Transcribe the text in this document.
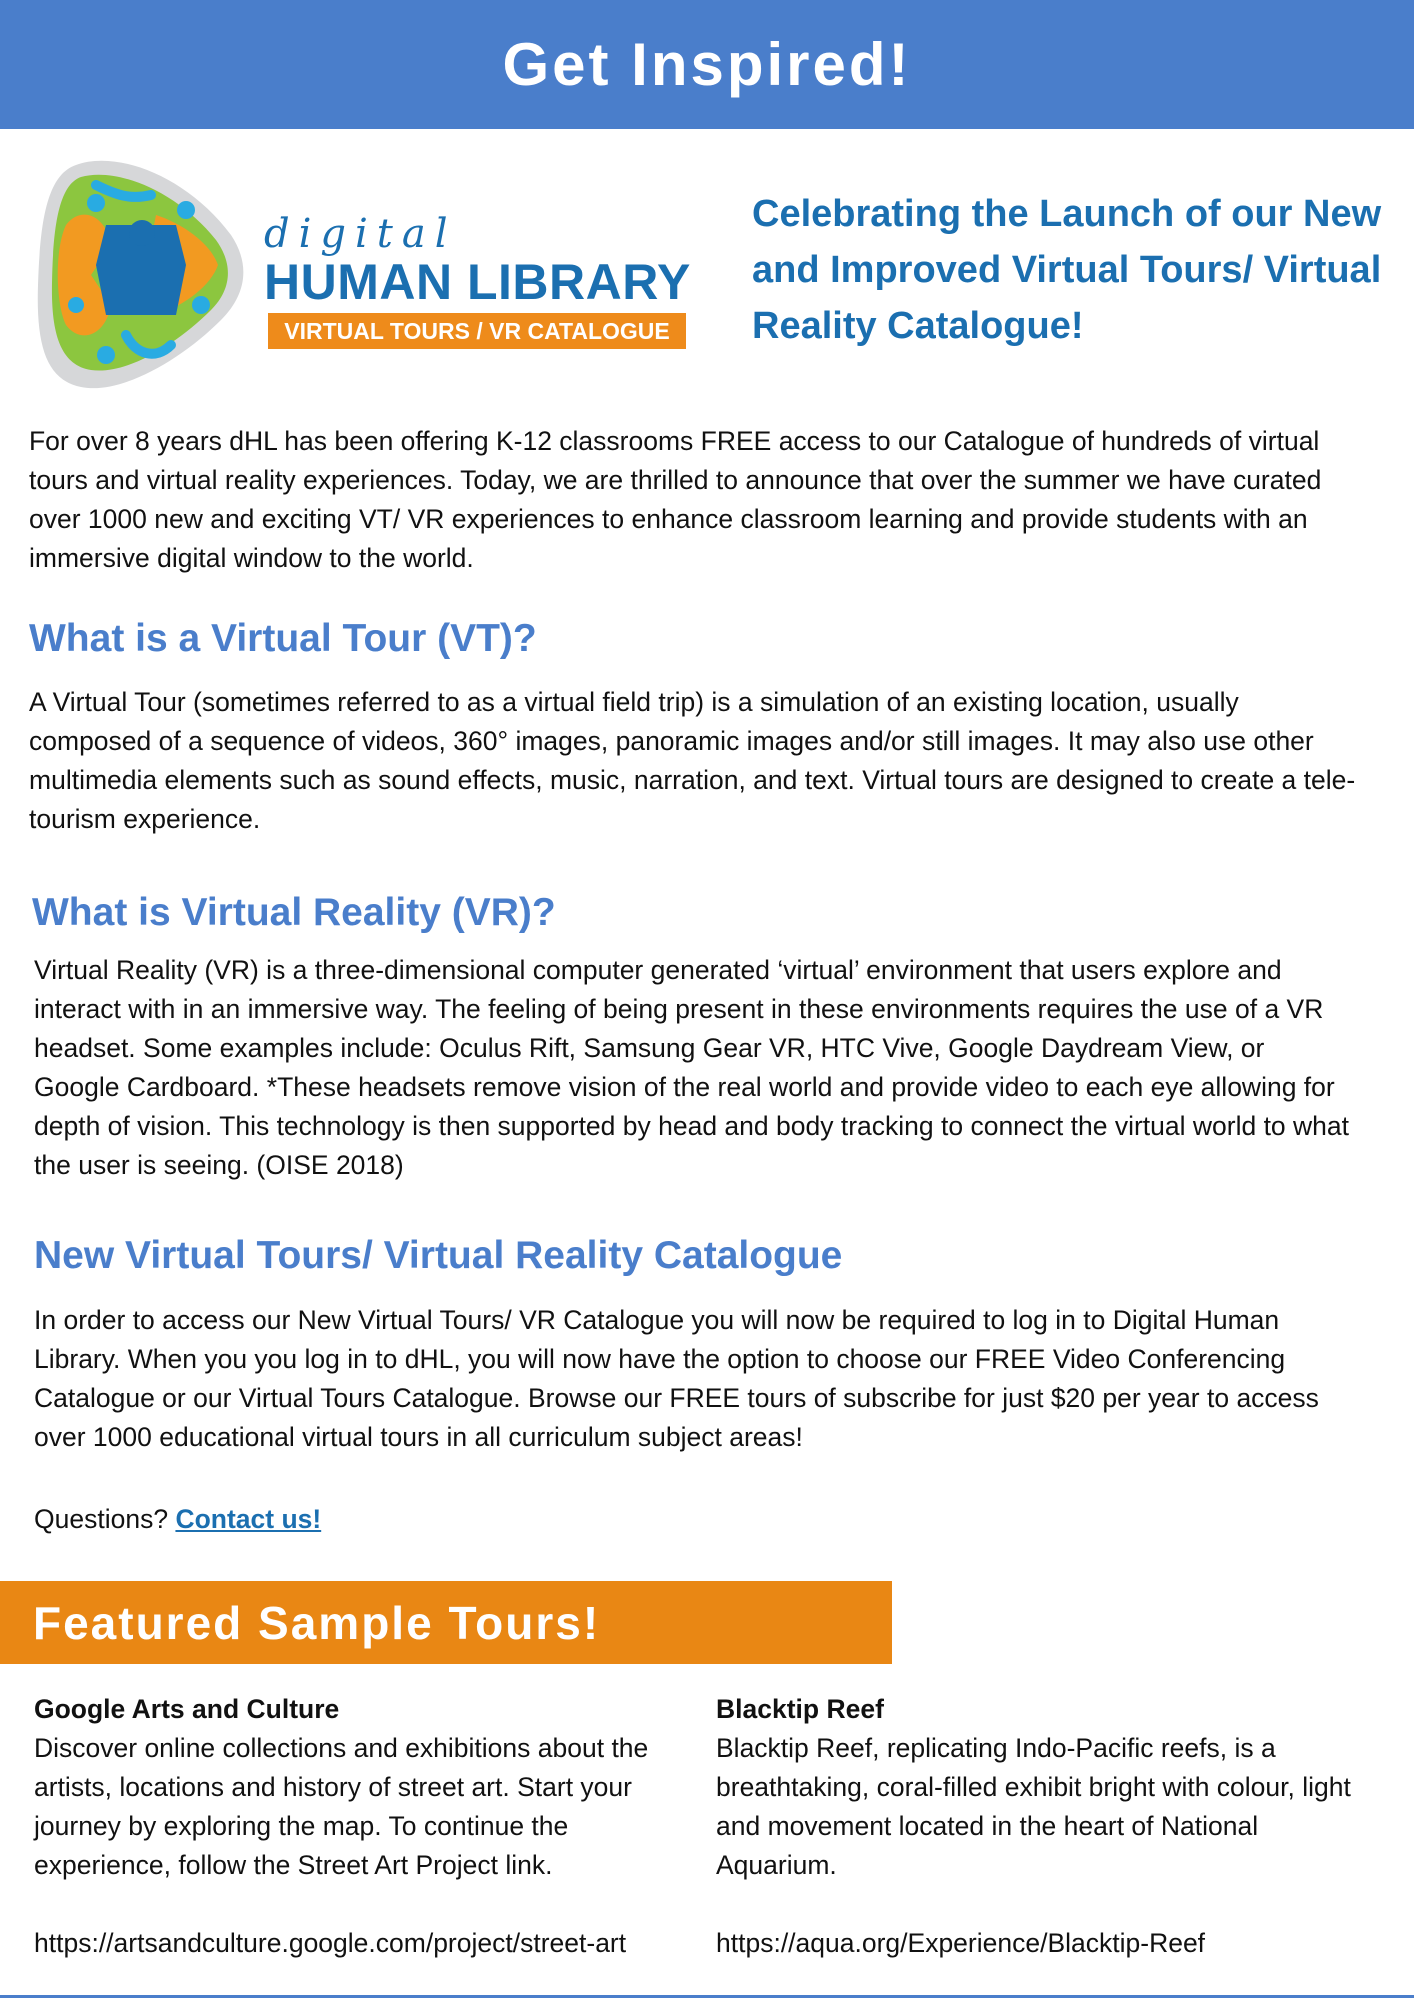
Get Inspired!
digital
HUMAN LIBRARY
VIRTUAL TOURS / VR CATALOGUE
Celebrating the Launch of our New and Improved Virtual Tours/ Virtual Reality Catalogue!

For over 8 years dHL has been offering K-12 classrooms FREE access to our Catalogue of hundreds of virtual tours and virtual reality experiences. Today, we are thrilled to announce that over the summer we have curated over 1000 new and exciting VT/ VR experiences to enhance classroom learning and provide students with an immersive digital window to the world.

What is a Virtual Tour (VT)?

A Virtual Tour (sometimes referred to as a virtual field trip) is a simulation of an existing location, usually composed of a sequence of videos, 360° images, panoramic images and/or still images. It may also use other multimedia elements such as sound effects, music, narration, and text. Virtual tours are designed to create a tele-tourism experience.

What is Virtual Reality (VR)?

Virtual Reality (VR) is a three-dimensional computer generated ‘virtual’ environment that users explore and interact with in an immersive way. The feeling of being present in these environments requires the use of a VR headset. Some examples include: Oculus Rift, Samsung Gear VR, HTC Vive, Google Daydream View, or Google Cardboard. *These headsets remove vision of the real world and provide video to each eye allowing for depth of vision. This technology is then supported by head and body tracking to connect the virtual world to what the user is seeing. (OISE 2018)

New Virtual Tours/ Virtual Reality Catalogue

In order to access our New Virtual Tours/ VR Catalogue you will now be required to log in to Digital Human Library. When you you log in to dHL, you will now have the option to choose our FREE Video Conferencing Catalogue or our Virtual Tours Catalogue. Browse our FREE tours of subscribe for just $20 per year to access over 1000 educational virtual tours in all curriculum subject areas!

Questions? Contact us!

Featured Sample Tours!
Google Arts and Culture
Discover online collections and exhibitions about the artists, locations and history of street art. Start your journey by exploring the map. To continue the experience, follow the Street Art Project link.
https://artsandculture.google.com/project/street-art
Blacktip Reef
Blacktip Reef, replicating Indo-Pacific reefs, is a breathtaking, coral-filled exhibit bright with colour, light and movement located in the heart of National Aquarium.
https://aqua.org/Experience/Blacktip-Reef
